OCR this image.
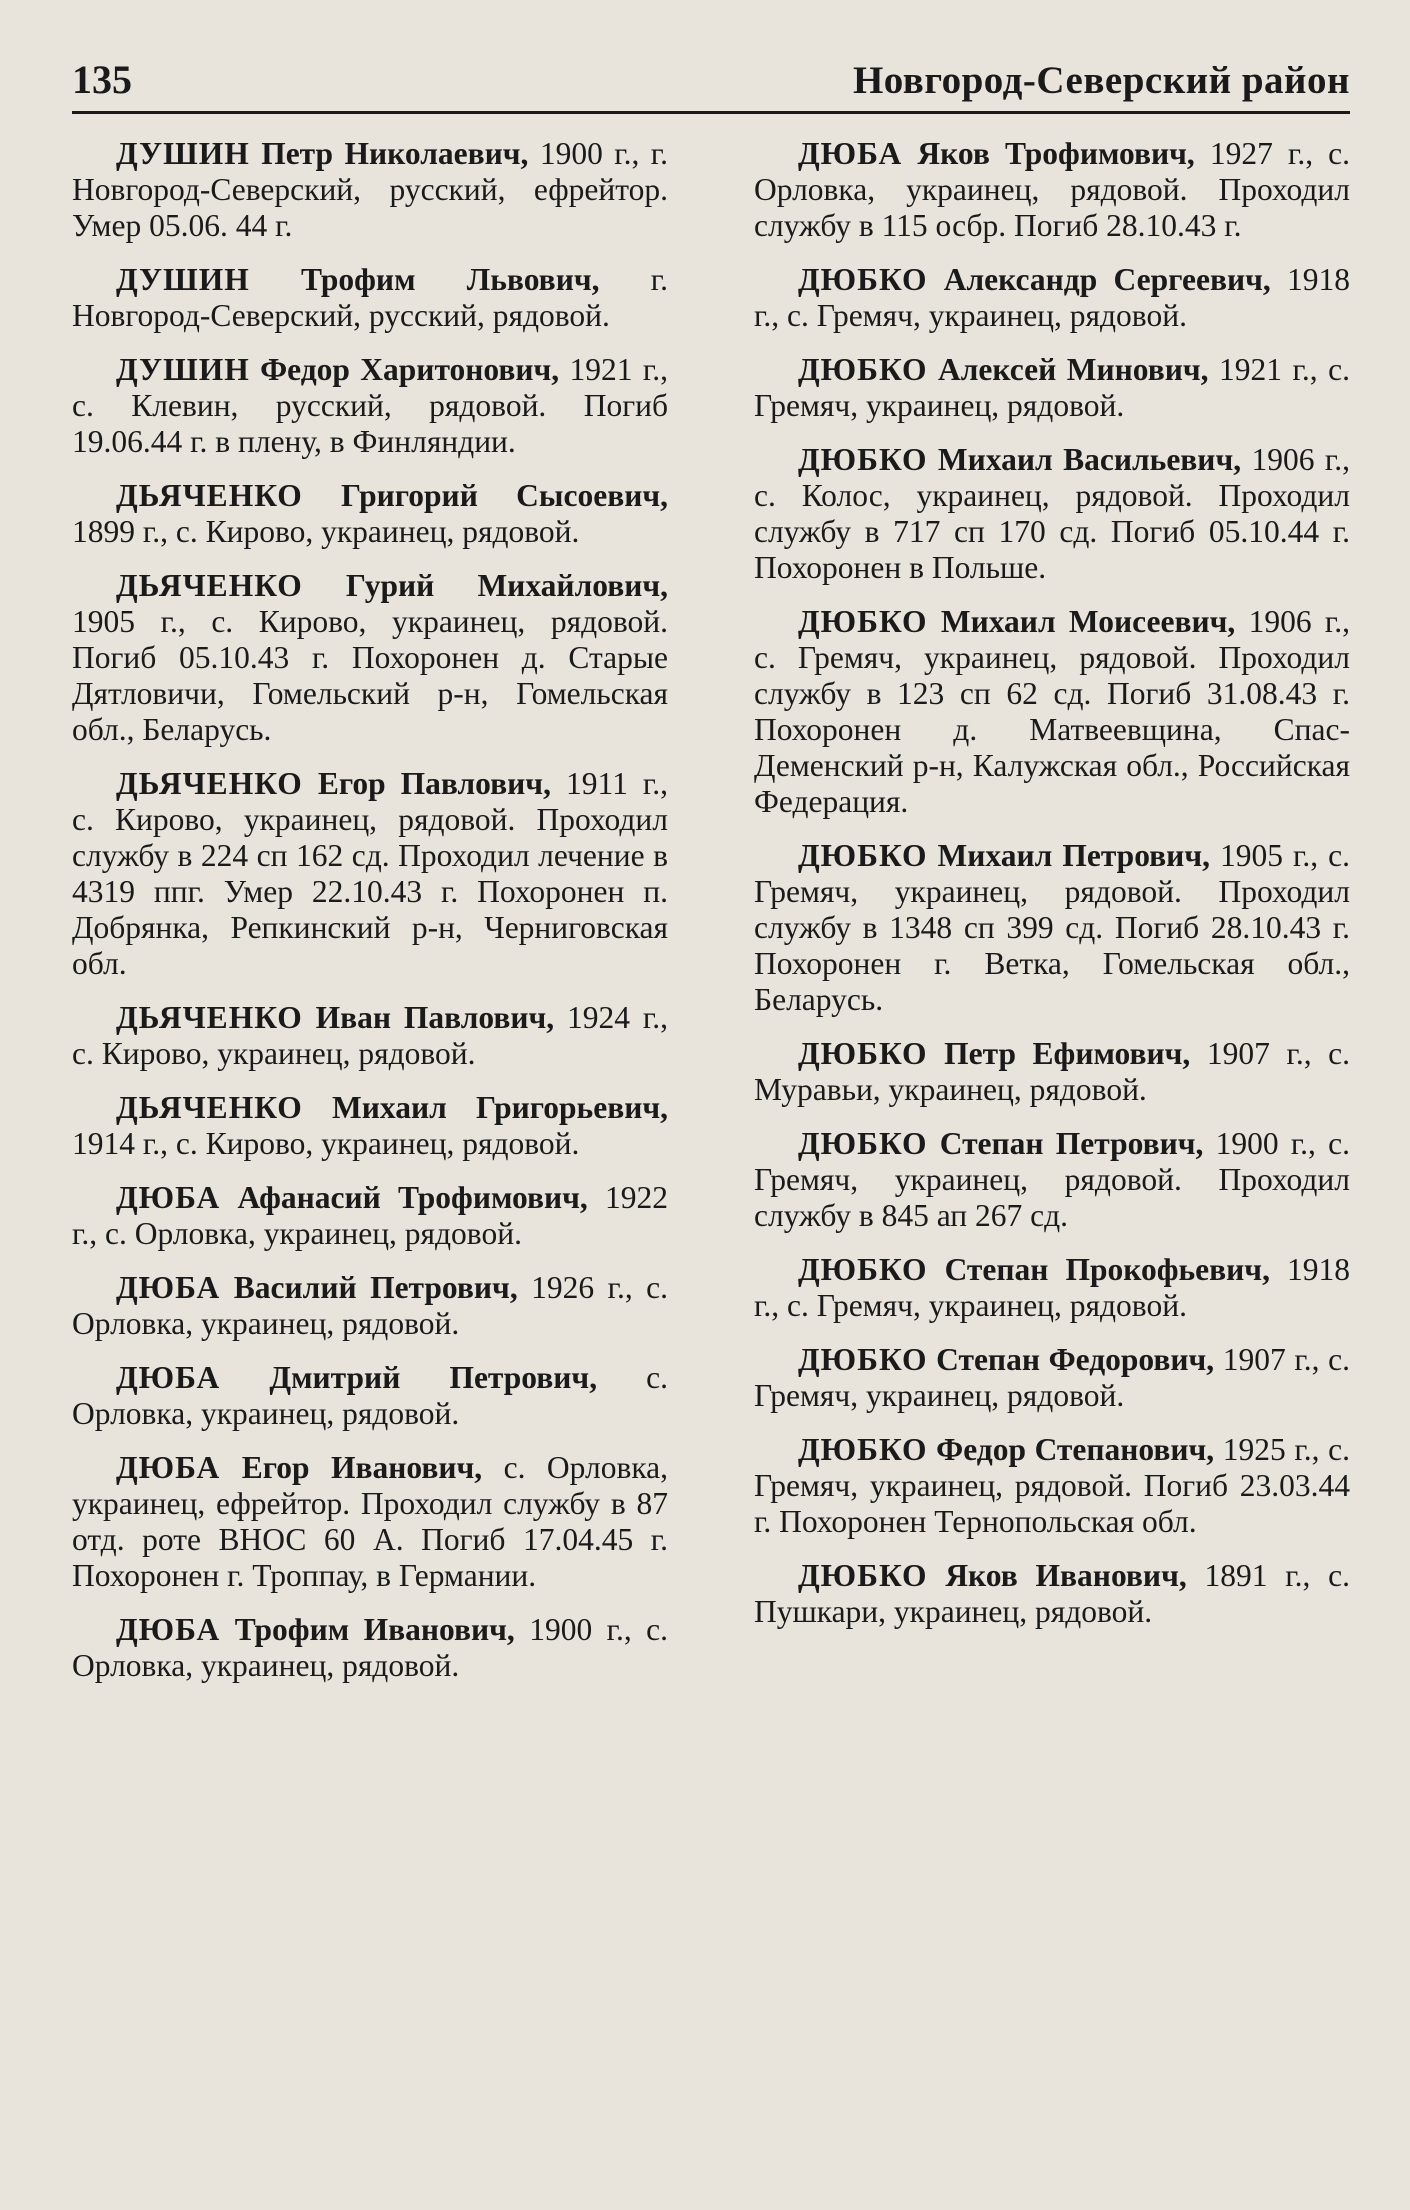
135	Новгород-Северский район

ДУШИН Петр Николаевич, 1900 г., г. Новгород-Северский, русский, ефрейтор. Умер 05.06. 44 г.

ДУШИН Трофим Львович, г. Новгород-Северский, русский, рядовой.

ДУШИН Федор Харитонович, 1921 г., с. Клевин, русский, рядовой. Погиб 19.06.44 г. в плену, в Финляндии.

ДЬЯЧЕНКО Григорий Сысоевич, 1899 г., с. Кирово, украинец, рядовой.

ДЬЯЧЕНКО Гурий Михайлович, 1905 г., с. Кирово, украинец, рядовой. Погиб 05.10.43 г. Похоронен д. Старые Дятловичи, Гомельский р-н, Гомельская обл., Беларусь.

ДЬЯЧЕНКО Егор Павлович, 1911 г., с. Кирово, украинец, рядовой. Проходил службу в 224 сп 162 сд. Проходил лечение в 4319 ппг. Умер 22.10.43 г. Похоронен п. Добрянка, Репкинский р-н, Черниговская обл.

ДЬЯЧЕНКО Иван Павлович, 1924 г., с. Кирово, украинец, рядовой.

ДЬЯЧЕНКО Михаил Григорьевич, 1914 г., с. Кирово, украинец, рядовой.

ДЮБА Афанасий Трофимович, 1922 г., с. Орловка, украинец, рядовой.

ДЮБА Василий Петрович, 1926 г., с. Орловка, украинец, рядовой.

ДЮБА Дмитрий Петрович, с. Орловка, украинец, рядовой.

ДЮБА Егор Иванович, с. Орловка, украинец, ефрейтор. Проходил службу в 87 отд. роте ВНОС 60 А. Погиб 17.04.45 г. Похоронен г. Троппау, в Германии.

ДЮБА Трофим Иванович, 1900 г., с. Орловка, украинец, рядовой.

ДЮБА Яков Трофимович, 1927 г., с. Орловка, украинец, рядовой. Проходил службу в 115 осбр. Погиб 28.10.43 г.

ДЮБКО Александр Сергеевич, 1918 г., с. Гремяч, украинец, рядовой.

ДЮБКО Алексей Минович, 1921 г., с. Гремяч, украинец, рядовой.

ДЮБКО Михаил Васильевич, 1906 г., с. Колос, украинец, рядовой. Проходил службу в 717 сп 170 сд. Погиб 05.10.44 г. Похоронен в Польше.

ДЮБКО Михаил Моисеевич, 1906 г., с. Гремяч, украинец, рядовой. Проходил службу в 123 сп 62 сд. Погиб 31.08.43 г. Похоронен д. Матвеевщина, Спас-Деменский р-н, Калужская обл., Российская Федерация.

ДЮБКО Михаил Петрович, 1905 г., с. Гремяч, украинец, рядовой. Проходил службу в 1348 сп 399 сд. Погиб 28.10.43 г. Похоронен г. Ветка, Гомельская обл., Беларусь.

ДЮБКО Петр Ефимович, 1907 г., с. Муравьи, украинец, рядовой.

ДЮБКО Степан Петрович, 1900 г., с. Гремяч, украинец, рядовой. Проходил службу в 845 ап 267 сд.

ДЮБКО Степан Прокофьевич, 1918 г., с. Гремяч, украинец, рядовой.

ДЮБКО Степан Федорович, 1907 г., с. Гремяч, украинец, рядовой.

ДЮБКО Федор Степанович, 1925 г., с. Гремяч, украинец, рядовой. Погиб 23.03.44 г. Похоронен Тернопольская обл.

ДЮБКО Яков Иванович, 1891 г., с. Пушкари, украинец, рядовой.
